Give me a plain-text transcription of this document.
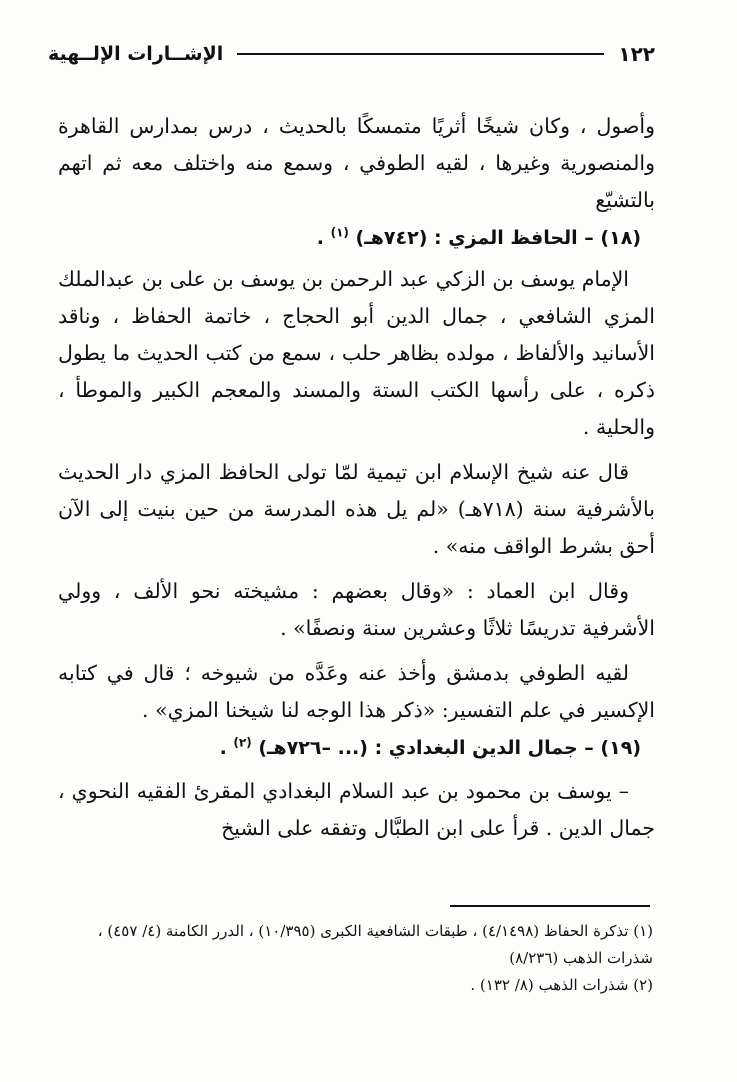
الإشــارات الإلــهية	١٢٢

وأصول ، وكان شيخًا أثريًا متمسكًا بالحديث ، درس بمدارس القاهرة والمنصورية وغيرها ، لقيه الطوفي ، وسمع منه واختلف معه ثم اتهم بالتشيّع

(١٨) – الحافظ المزي : (٧٤٢هـ) $^{(١)}$ .

الإمام يوسف بن الزكي عبد الرحمن بن يوسف بن على بن عبدالملك المزي الشافعي ، جمال الدين أبو الحجاج ، خاتمة الحفاظ ، وناقد الأسانيد والألفاظ ، مولده بظاهر حلب ، سمع من كتب الحديث ما يطول ذكره ، على رأسها الكتب الستة والمسند والمعجم الكبير والموطأ ، والحلية .

قال عنه شيخ الإسلام ابن تيمية لمّا تولى الحافظ المزي دار الحديث بالأشرفية سنة (٧١٨هـ) «لم يل هذه المدرسة من حين بنيت إلى الآن أحق بشرط الواقف منه» .

وقال ابن العماد : «وقال بعضهم : مشيخته نحو الألف ، وولي الأشرفية تدريسًا ثلاثًا وعشرين سنة ونصفًا» .

لقيه الطوفي بدمشق وأخذ عنه وعَدَّه من شيوخه ؛ قال في كتابه الإكسير في علم التفسير: «ذكر هذا الوجه لنا شيخنا المزي» .

(١٩) – جمال الدين البغدادي : (... –٧٢٦هـ) $^{(٢)}$ .

– يوسف بن محمود بن عبد السلام البغدادي المقرئ الفقيه النحوي ، جمال الدين . قرأ على ابن الطبَّال وتفقه على الشيخ

(١) تذكرة الحفاظ (٤/١٤٩٨) ، طبقات الشافعية الكبرى (١٠/٣٩٥) ، الدرر الكامنة (٤/ ٤٥٧) ، شذرات الذهب (٨/٢٣٦)

(٢) شذرات الذهب (٨/ ١٣٢) .
